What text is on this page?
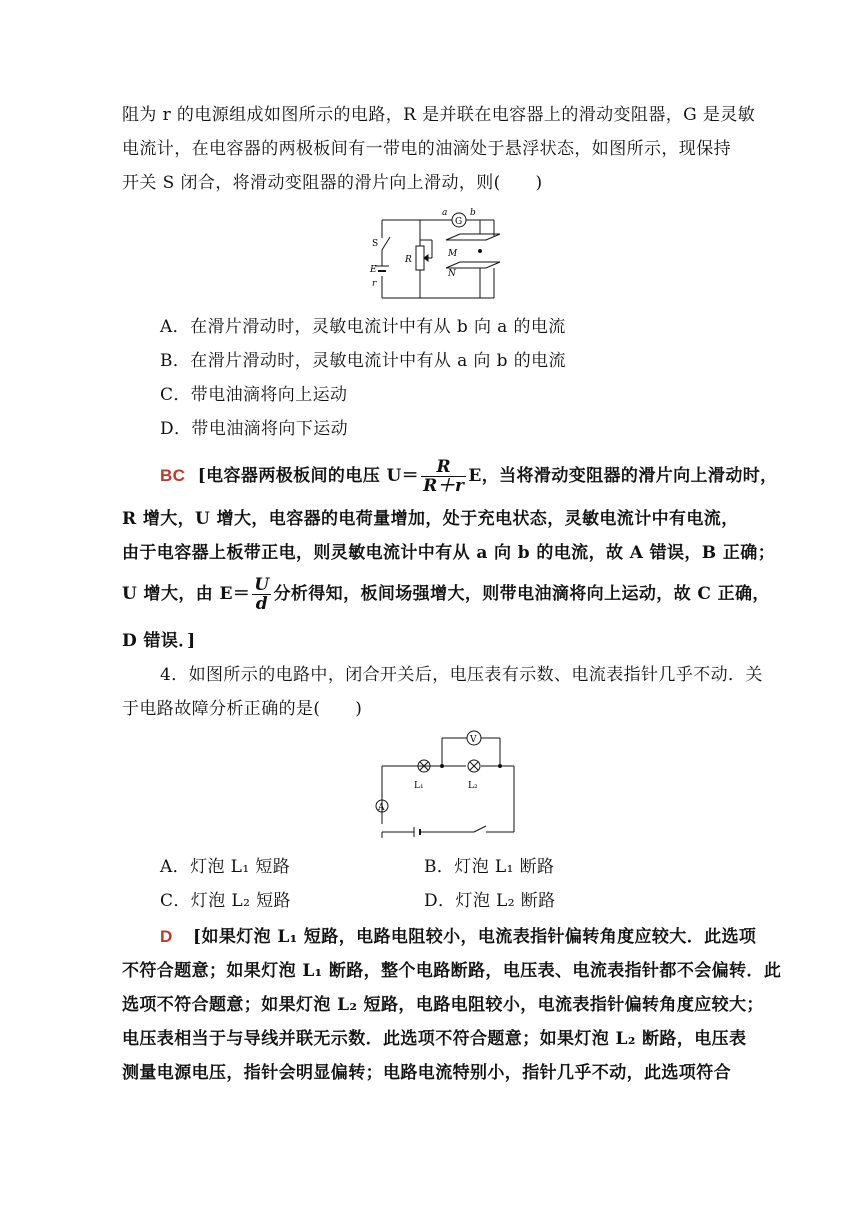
阻为 r 的电源组成如图所示的电路，R 是并联在电容器上的滑动变阻器，G 是灵敏
电流计，在电容器的两极板间有一带电的油滴处于悬浮状态，如图所示，现保持
开关 S 闭合，将滑动变阻器的滑片向上滑动，则(　　)
G
a	b
S
E
r
R
M
N
A．在滑片滑动时，灵敏电流计中有从 b 向 a 的电流
B．在滑片滑动时，灵敏电流计中有从 a 向 b 的电流
C．带电油滴将向上运动
D．带电油滴将向下运动
BC [电容器两极板间的电压 $U= \frac{R}{R+r}$ E，当将滑动变阻器的滑片向上滑动时，
R 增大，U 增大，电容器的电荷量增加，处于充电状态，灵敏电流计中有电流，
由于电容器上板带正电，则灵敏电流计中有从 a 向 b 的电流，故 A 错误，B 正确；
U 增大，由 $E= \frac{U}{d}$ 分析得知，板间场强增大，则带电油滴将向上运动，故 C 正确，
D 错误．]
4．如图所示的电路中，闭合开关后，电压表有示数、电流表指针几乎不动．关
于电路故障分析正确的是(　　)
V
A
L₁	L₂
A．灯泡 L₁ 短路	B．灯泡 L₁ 断路
C．灯泡 L₂ 短路	D．灯泡 L₂ 断路
D [如果灯泡 L₁ 短路，电路电阻较小，电流表指针偏转角度应较大．此选项
不符合题意；如果灯泡 L₁ 断路，整个电路断路，电压表、电流表指针都不会偏转．此
选项不符合题意；如果灯泡 L₂ 短路，电路电阻较小，电流表指针偏转角度应较大；
电压表相当于与导线并联无示数．此选项不符合题意；如果灯泡 L₂ 断路，电压表
测量电源电压，指针会明显偏转；电路电流特别小，指针几乎不动，此选项符合
